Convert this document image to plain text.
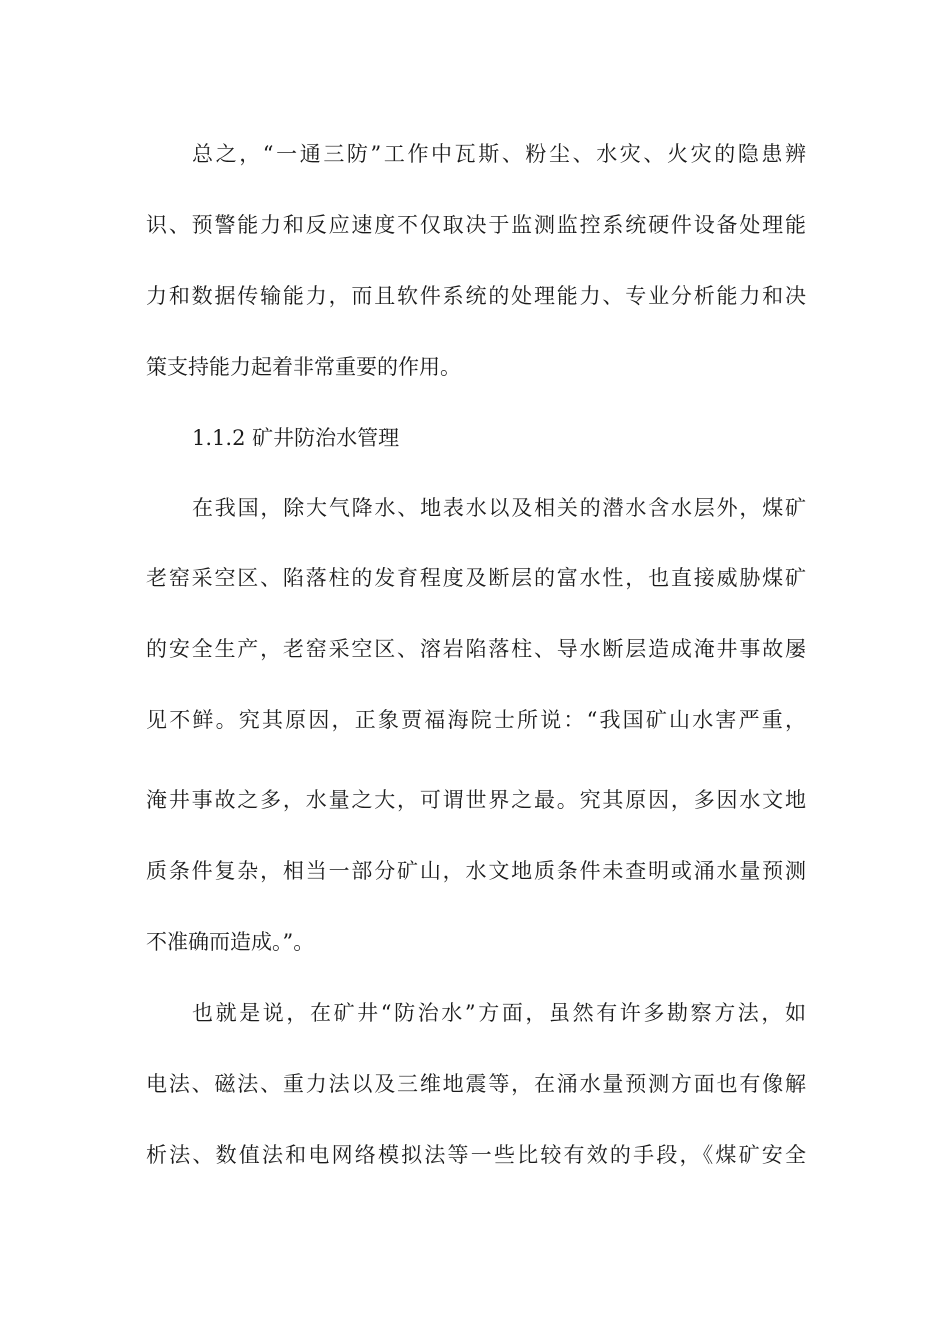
总之，“一通三防”工作中瓦斯、粉尘、水灾、火灾的隐患辨
识、预警能力和反应速度不仅取决于监测监控系统硬件设备处理能
力和数据传输能力，而且软件系统的处理能力、专业分析能力和决
策支持能力起着非常重要的作用。
1.1.2 矿井防治水管理
在我国，除大气降水、地表水以及相关的潜水含水层外，煤矿
老窑采空区、陷落柱的发育程度及断层的富水性，也直接威胁煤矿
的安全生产，老窑采空区、溶岩陷落柱、导水断层造成淹井事故屡
见不鲜。究其原因，正象贾福海院士所说：“我国矿山水害严重，
淹井事故之多，水量之大，可谓世界之最。究其原因，多因水文地
质条件复杂，相当一部分矿山，水文地质条件未查明或涌水量预测
不准确而造成。”。
也就是说，在矿井“防治水”方面，虽然有许多勘察方法，如
电法、磁法、重力法以及三维地震等，在涌水量预测方面也有像解
析法、数值法和电网络模拟法等一些比较有效的手段，《煤矿安全
